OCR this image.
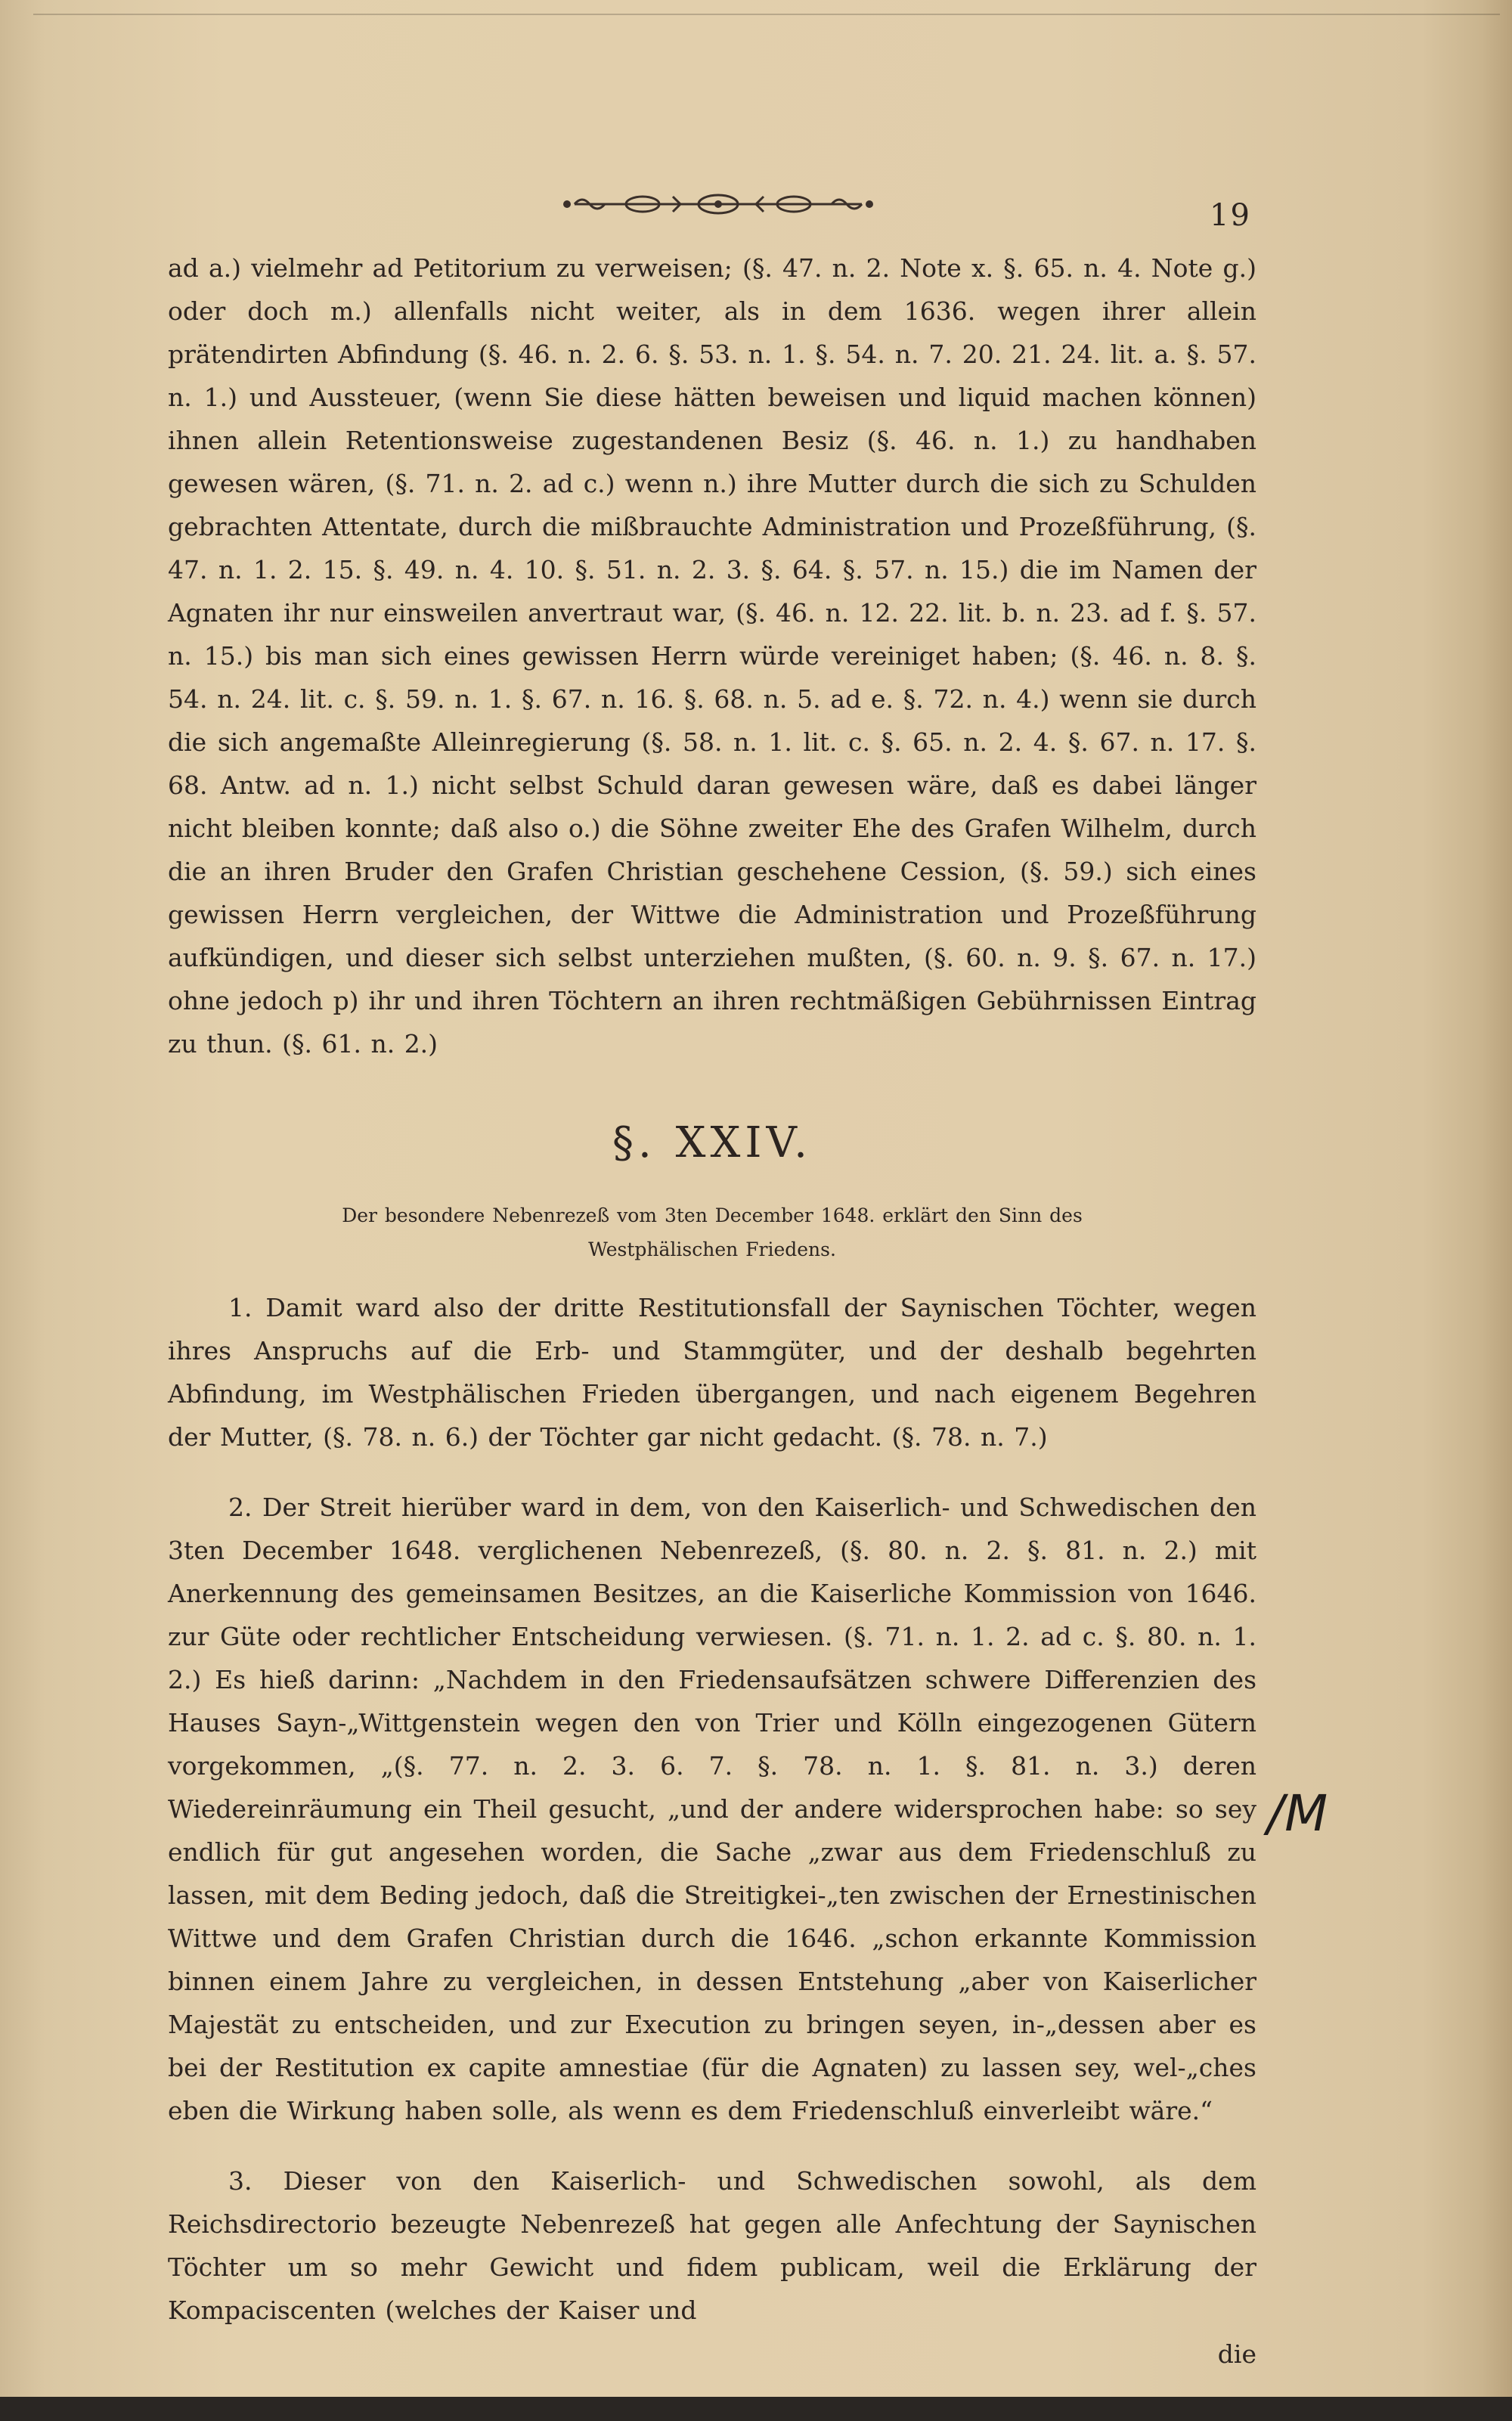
19

ad a.) vielmehr ad Petitorium zu verweisen; (§. 47. n. 2. Note x. §. 65. n. 4. Note g.) oder doch m.) allenfalls nicht weiter, als in dem 1636. wegen ihrer allein prätendirten Abfindung (§. 46. n. 2. 6. §. 53. n. 1. §. 54. n. 7. 20. 21. 24. lit. a. §. 57. n. 1.) und Aussteuer, (wenn Sie diese hätten beweisen und liquid machen können) ihnen allein Retentionsweise zugestandenen Besiz (§. 46. n. 1.) zu handhaben gewesen wären, (§. 71. n. 2. ad c.) wenn n.) ihre Mutter durch die sich zu Schulden gebrachten Attentate, durch die mißbrauchte Administration und Prozeßführung, (§. 47. n. 1. 2. 15. §. 49. n. 4. 10. §. 51. n. 2. 3. §. 64. §. 57. n. 15.) die im Namen der Agnaten ihr nur einsweilen anvertraut war, (§. 46. n. 12. 22. lit. b. n. 23. ad f. §. 57. n. 15.) bis man sich eines gewissen Herrn würde vereiniget haben; (§. 46. n. 8. §. 54. n. 24. lit. c. §. 59. n. 1. §. 67. n. 16. §. 68. n. 5. ad e. §. 72. n. 4.) wenn sie durch die sich angemaßte Alleinregierung (§. 58. n. 1. lit. c. §. 65. n. 2. 4. §. 67. n. 17. §. 68. Antw. ad n. 1.) nicht selbst Schuld daran gewesen wäre, daß es dabei länger nicht bleiben konnte; daß also o.) die Söhne zweiter Ehe des Grafen Wilhelm, durch die an ihren Bruder den Grafen Christian geschehene Cession, (§. 59.) sich eines gewissen Herrn vergleichen, der Wittwe die Administration und Prozeßführung aufkündigen, und dieser sich selbst unterziehen mußten, (§. 60. n. 9. §. 67. n. 17.) ohne jedoch p) ihr und ihren Töchtern an ihren rechtmäßigen Gebührnissen Eintrag zu thun. (§. 61. n. 2.)

§. XXIV.
Der besondere Nebenrezeß vom 3ten December 1648. erklärt den Sinn des Westphälischen Friedens.

1. Damit ward also der dritte Restitutionsfall der Saynischen Töchter, wegen ihres Anspruchs auf die Erb- und Stammgüter, und der deshalb begehrten Abfindung, im Westphälischen Frieden übergangen, und nach eigenem Begehren der Mutter, (§. 78. n. 6.) der Töchter gar nicht gedacht. (§. 78. n. 7.)

2. Der Streit hierüber ward in dem, von den Kaiserlich- und Schwedischen den 3ten December 1648. verglichenen Nebenrezeß, (§. 80. n. 2. §. 81. n. 2.) mit Anerkennung des gemeinsamen Besitzes, an die Kaiserliche Kommission von 1646. zur Güte oder rechtlicher Entscheidung verwiesen. (§. 71. n. 1. 2. ad c. §. 80. n. 1. 2.) Es hieß darinn: „Nachdem in den Friedensaufsätzen schwere Differenzien des Hauses Sayn-„Wittgenstein wegen den von Trier und Kölln eingezogenen Gütern vorgekommen, „(§. 77. n. 2. 3. 6. 7. §. 78. n. 1. §. 81. n. 3.) deren Wiedereinräumung ein Theil gesucht, „und der andere widersprochen habe: so sey endlich für gut angesehen worden, die Sache „zwar aus dem Friedenschluß zu lassen, mit dem Beding jedoch, daß die Streitigkei-„ten zwischen der Ernestinischen Wittwe und dem Grafen Christian durch die 1646. „schon erkannte Kommission binnen einem Jahre zu vergleichen, in dessen Entstehung „aber von Kaiserlicher Majestät zu entscheiden, und zur Execution zu bringen seyen, in-„dessen aber es bei der Restitution ex capite amnestiae (für die Agnaten) zu lassen sey, wel-„ches eben die Wirkung haben solle, als wenn es dem Friedenschluß einverleibt wäre.“

3. Dieser von den Kaiserlich- und Schwedischen sowohl, als dem Reichsdirectorio bezeugte Nebenrezeß hat gegen alle Anfechtung der Saynischen Töchter um so mehr Gewicht und fidem publicam, weil die Erklärung der Kompaciscenten (welches der Kaiser und

die
/M
